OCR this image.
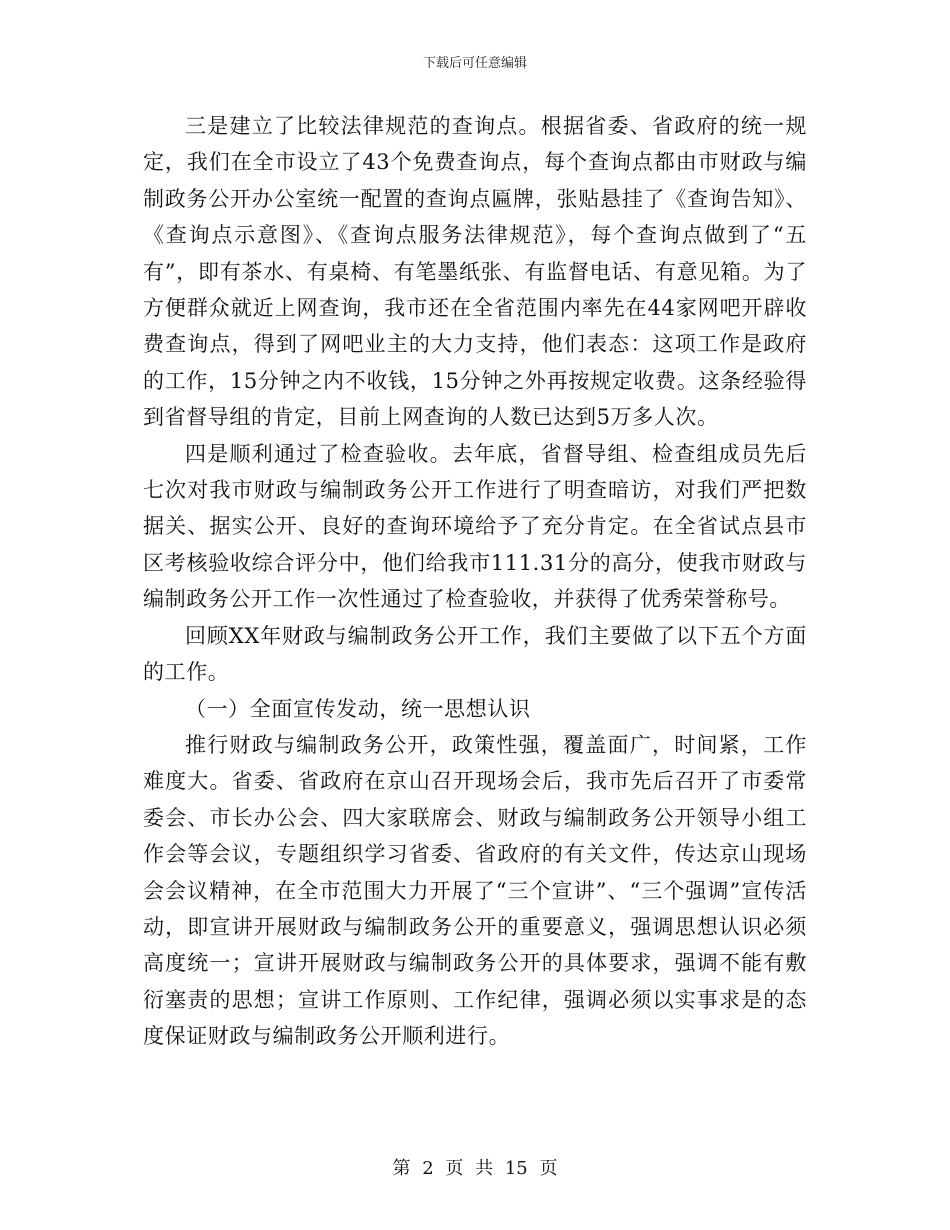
下载后可任意编辑

三是建立了比较法律规范的查询点。根据省委、省政府的统一规定，我们在全市设立了43个免费查询点，每个查询点都由市财政与编制政务公开办公室统一配置的查询点匾牌，张贴悬挂了《查询告知》、《查询点示意图》、《查询点服务法律规范》，每个查询点做到了“五有”，即有茶水、有桌椅、有笔墨纸张、有监督电话、有意见箱。为了方便群众就近上网查询，我市还在全省范围内率先在44家网吧开辟收费查询点，得到了网吧业主的大力支持，他们表态：这项工作是政府的工作，15分钟之内不收钱，15分钟之外再按规定收费。这条经验得到省督导组的肯定，目前上网查询的人数已达到5万多人次。

四是顺利通过了检查验收。去年底，省督导组、检查组成员先后七次对我市财政与编制政务公开工作进行了明查暗访，对我们严把数据关、据实公开、良好的查询环境给予了充分肯定。在全省试点县市区考核验收综合评分中，他们给我市111.31分的高分，使我市财政与编制政务公开工作一次性通过了检查验收，并获得了优秀荣誉称号。

回顾XX年财政与编制政务公开工作，我们主要做了以下五个方面的工作。

（一）全面宣传发动，统一思想认识

推行财政与编制政务公开，政策性强，覆盖面广，时间紧，工作难度大。省委、省政府在京山召开现场会后，我市先后召开了市委常委会、市长办公会、四大家联席会、财政与编制政务公开领导小组工作会等会议，专题组织学习省委、省政府的有关文件，传达京山现场会会议精神，在全市范围大力开展了“三个宣讲”、“三个强调”宣传活动，即宣讲开展财政与编制政务公开的重要意义，强调思想认识必须高度统一；宣讲开展财政与编制政务公开的具体要求，强调不能有敷衍塞责的思想；宣讲工作原则、工作纪律，强调必须以实事求是的态度保证财政与编制政务公开顺利进行。

第 2 页 共 15 页
